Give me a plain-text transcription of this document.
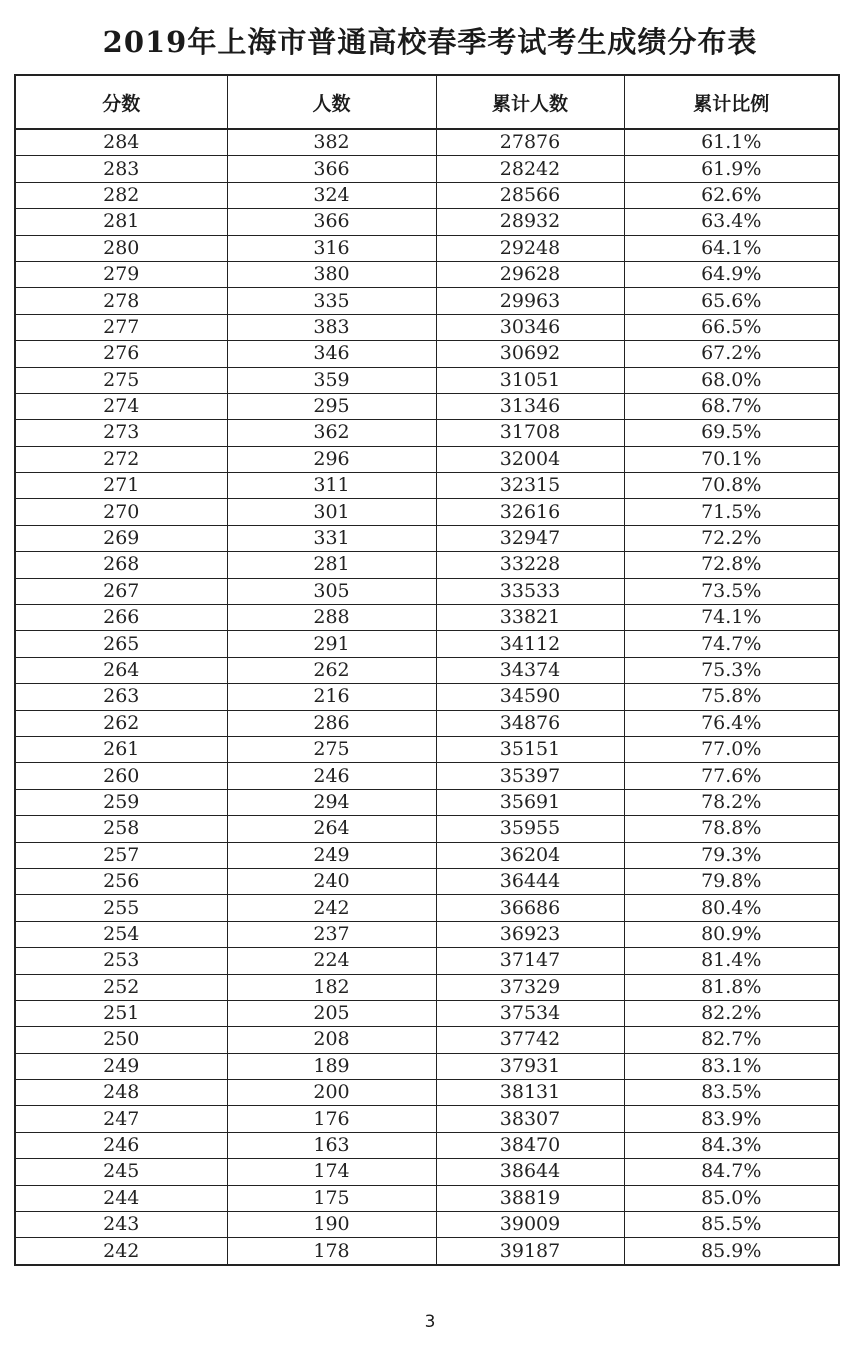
2019年上海市普通高校春季考试考生成绩分布表
分数	人数	累计人数	累计比例
284	382	27876	61.1%
283	366	28242	61.9%
282	324	28566	62.6%
281	366	28932	63.4%
280	316	29248	64.1%
279	380	29628	64.9%
278	335	29963	65.6%
277	383	30346	66.5%
276	346	30692	67.2%
275	359	31051	68.0%
274	295	31346	68.7%
273	362	31708	69.5%
272	296	32004	70.1%
271	311	32315	70.8%
270	301	32616	71.5%
269	331	32947	72.2%
268	281	33228	72.8%
267	305	33533	73.5%
266	288	33821	74.1%
265	291	34112	74.7%
264	262	34374	75.3%
263	216	34590	75.8%
262	286	34876	76.4%
261	275	35151	77.0%
260	246	35397	77.6%
259	294	35691	78.2%
258	264	35955	78.8%
257	249	36204	79.3%
256	240	36444	79.8%
255	242	36686	80.4%
254	237	36923	80.9%
253	224	37147	81.4%
252	182	37329	81.8%
251	205	37534	82.2%
250	208	37742	82.7%
249	189	37931	83.1%
248	200	38131	83.5%
247	176	38307	83.9%
246	163	38470	84.3%
245	174	38644	84.7%
244	175	38819	85.0%
243	190	39009	85.5%
242	178	39187	85.9%
3
